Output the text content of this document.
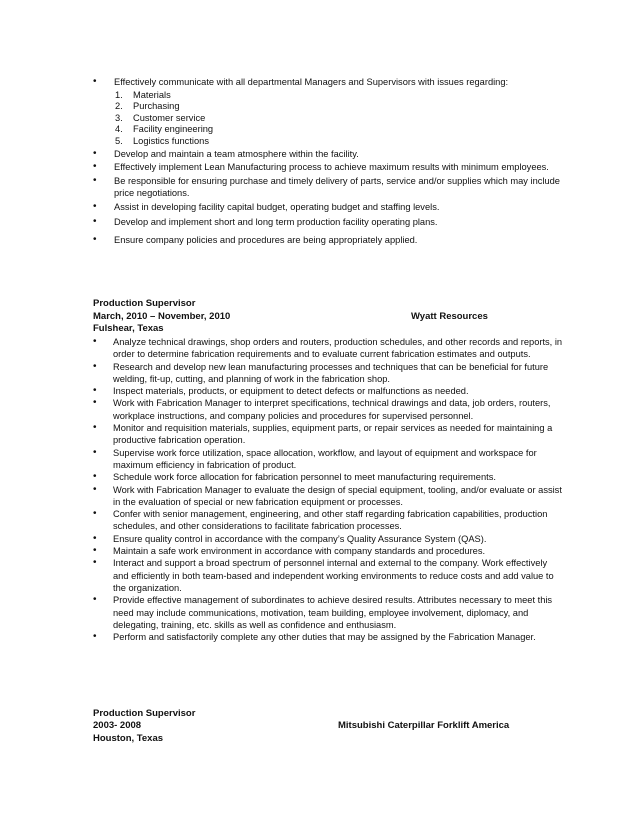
• Effectively communicate with all departmental Managers and Supervisors with issues regarding:
1. Materials
2. Purchasing
3. Customer service
4. Facility engineering
5. Logistics functions
• Develop and maintain a team atmosphere within the facility.
• Effectively implement Lean Manufacturing process to achieve maximum results with minimum employees.
• Be responsible for ensuring purchase and timely delivery of parts, service and/or supplies which may include price negotiations.
• Assist in developing facility capital budget, operating budget and staffing levels.
• Develop and implement short and long term production facility operating plans.
• Ensure company policies and procedures are being appropriately applied.
Production Supervisor
March, 2010 – November, 2010	Wyatt Resources
Fulshear, Texas
• Analyze technical drawings, shop orders and routers, production schedules, and other records and reports, in order to determine fabrication requirements and to evaluate current fabrication estimates and outputs.
• Research and develop new lean manufacturing processes and techniques that can be beneficial for future welding, fit-up, cutting, and planning of work in the fabrication shop.
• Inspect materials, products, or equipment to detect defects or malfunctions as needed.
• Work with Fabrication Manager to interpret specifications, technical drawings and data, job orders, routers, workplace instructions, and company policies and procedures for supervised personnel.
• Monitor and requisition materials, supplies, equipment parts, or repair services as needed for maintaining a productive fabrication operation.
• Supervise work force utilization, space allocation, workflow, and layout of equipment and workspace for maximum efficiency in fabrication of product.
• Schedule work force allocation for fabrication personnel to meet manufacturing requirements.
• Work with Fabrication Manager to evaluate the design of special equipment, tooling, and/or evaluate or assist in the evaluation of special or new fabrication equipment or processes.
• Confer with senior management, engineering, and other staff regarding fabrication capabilities, production schedules, and other considerations to facilitate fabrication processes.
• Ensure quality control in accordance with the company’s Quality Assurance System (QAS).
• Maintain a safe work environment in accordance with company standards and procedures.
• Interact and support a broad spectrum of personnel internal and external to the company. Work effectively and efficiently in both team-based and independent working environments to reduce costs and add value to the organization.
• Provide effective management of subordinates to achieve desired results. Attributes necessary to meet this need may include communications, motivation, team building, employee involvement, diplomacy, and delegating, training, etc. skills as well as confidence and enthusiasm.
• Perform and satisfactorily complete any other duties that may be assigned by the Fabrication Manager.
Production Supervisor
2003- 2008	Mitsubishi Caterpillar Forklift America
Houston, Texas
